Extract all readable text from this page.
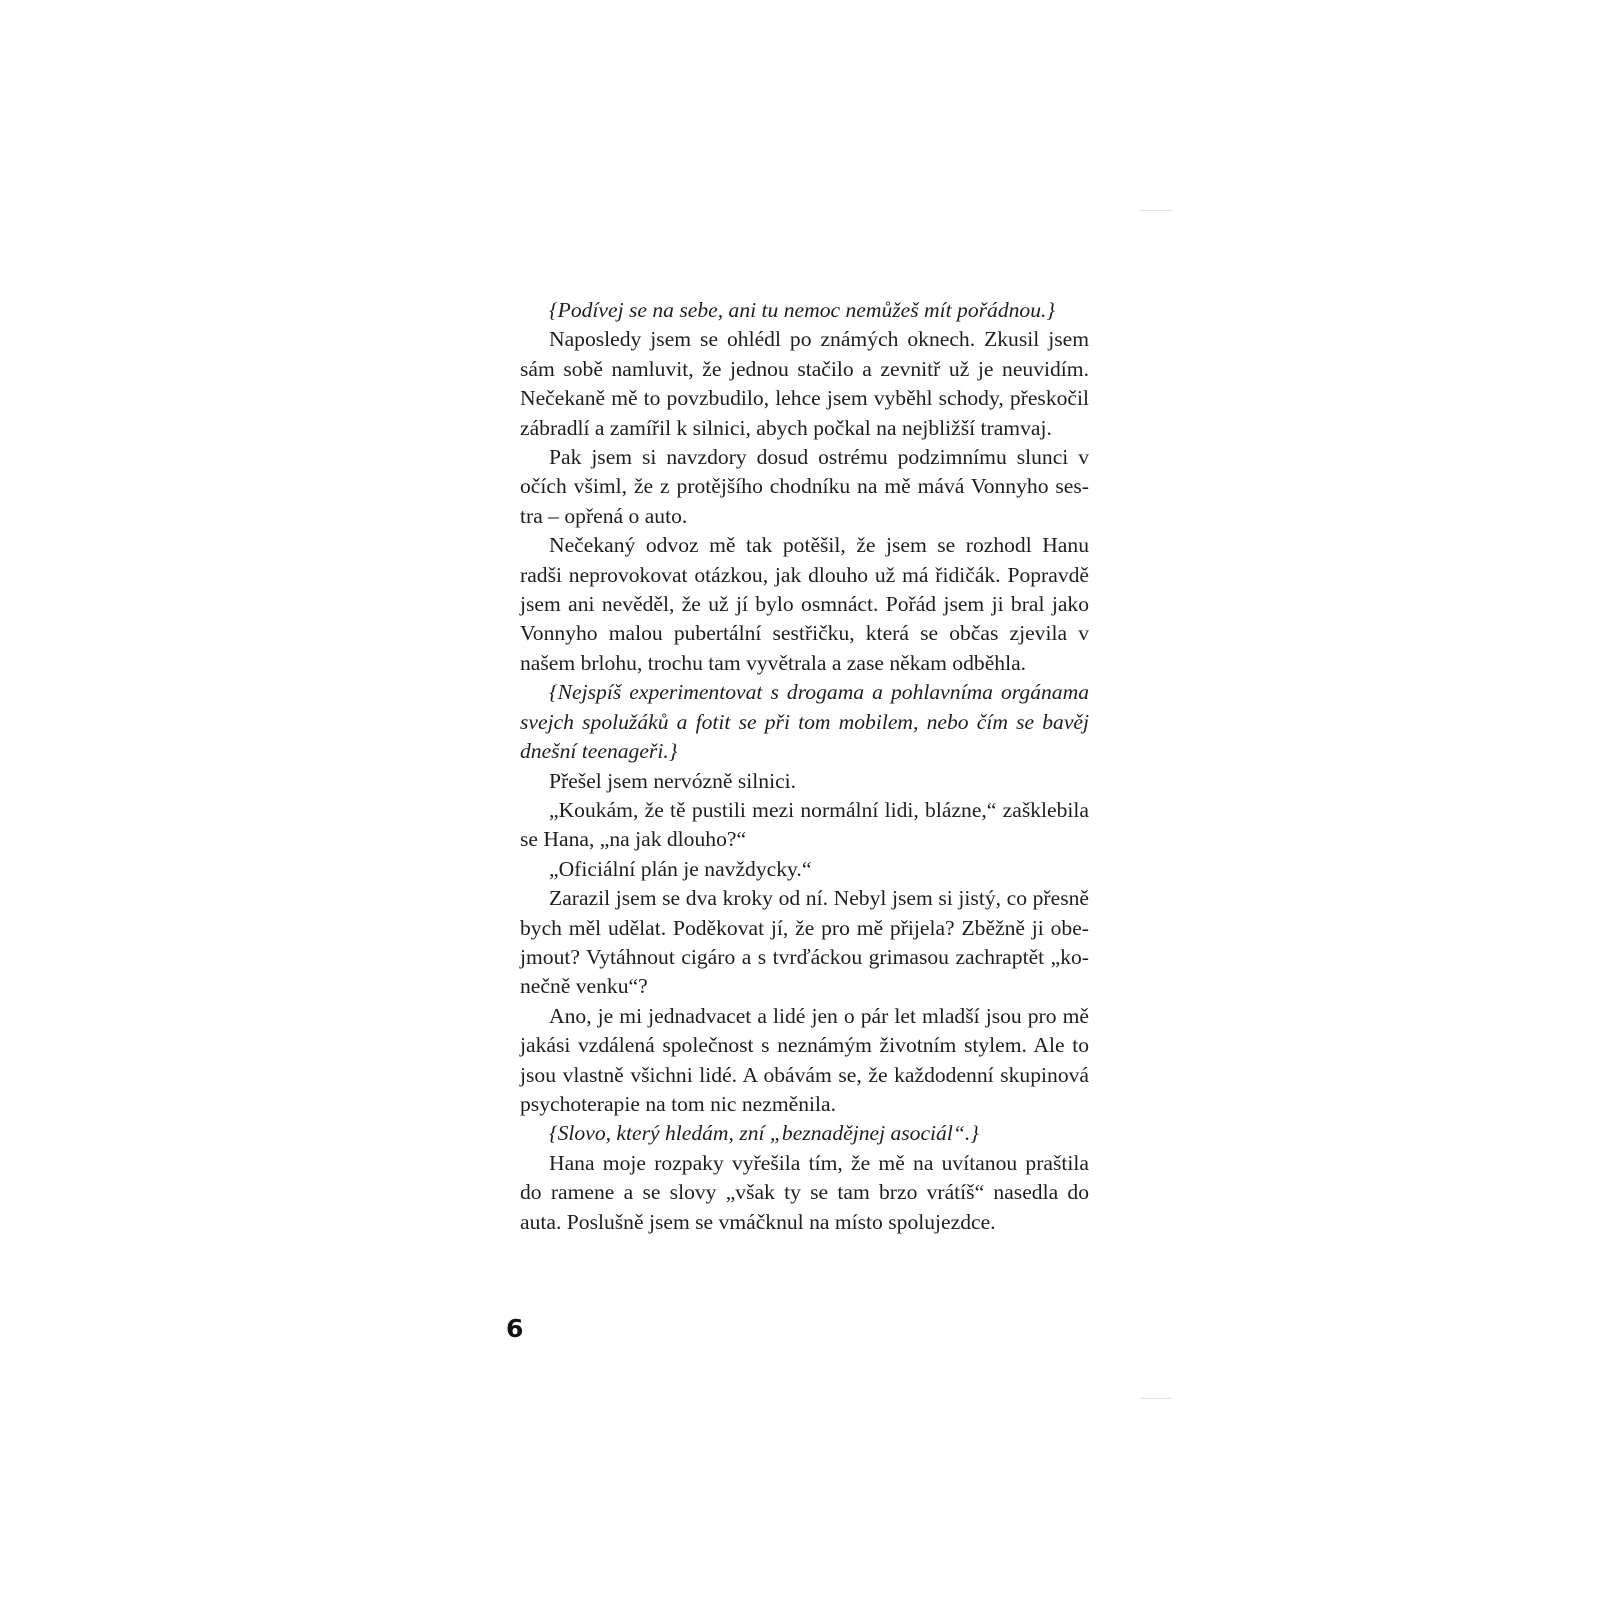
{Podívej se na sebe, ani tu nemoc nemůžeš mít pořádnou.}

Naposledy jsem se ohlédl po známých oknech. Zkusil jsem sám sobě namluvit, že jednou stačilo a zevnitř už je neuvidím. Nečekaně mě to povzbudilo, lehce jsem vyběhl schody, přeskočil zábradlí a zamířil k silnici, abych počkal na nejbližší tramvaj.

Pak jsem si navzdory dosud ostrému podzimnímu slunci v očích všiml, že z protějšího chodníku na mě mává Vonnyho sestra – opřená o auto.

Nečekaný odvoz mě tak potěšil, že jsem se rozhodl Hanu radši neprovokovat otázkou, jak dlouho už má řidičák. Popravdě jsem ani nevěděl, že už jí bylo osmnáct. Pořád jsem ji bral jako Vonnyho malou pubertální sestřičku, která se občas zjevila v našem brlohu, trochu tam vyvětrala a zase někam odběhla.

{Nejspíš experimentovat s drogama a pohlavníma orgánama svejch spolužáků a fotit se při tom mobilem, nebo čím se bavěj dnešní teenageři.}

Přešel jsem nervózně silnici.

„Koukám, že tě pustili mezi normální lidi, blázne,“ zašklebila se Hana, „na jak dlouho?“

„Oficiální plán je navždycky.“

Zarazil jsem se dva kroky od ní. Nebyl jsem si jistý, co přesně bych měl udělat. Poděkovat jí, že pro mě přijela? Zběžně ji obejmout? Vytáhnout cigáro a s tvrďáckou grimasou zachraptět „konečně venku“?

Ano, je mi jednadvacet a lidé jen o pár let mladší jsou pro mě jakási vzdálená společnost s neznámým životním stylem. Ale to jsou vlastně všichni lidé. A obávám se, že každodenní skupinová psychoterapie na tom nic nezměnila.

{Slovo, který hledám, zní „beznadějnej asociál“.}

Hana moje rozpaky vyřešila tím, že mě na uvítanou praštila do ramene a se slovy „však ty se tam brzo vrátíš“ nasedla do auta. Poslušně jsem se vmáčknul na místo spolujezdce.

6
